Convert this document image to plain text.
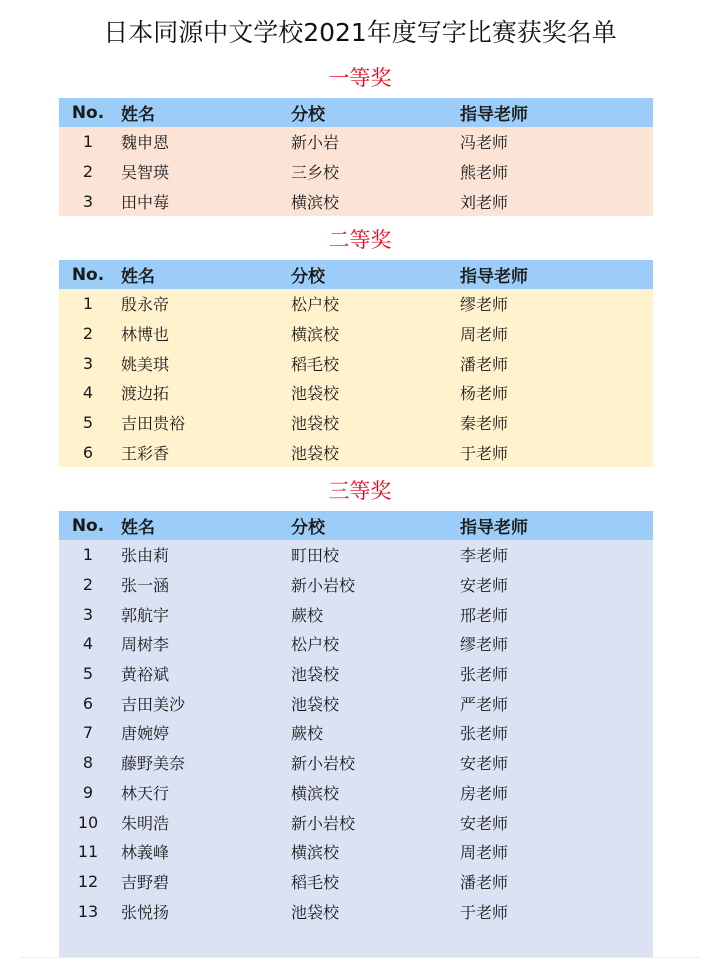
日本同源中文学校2021年度写字比赛获奖名单
一等奖
No. 姓名	分校	指导老师
1	魏申恩	新小岩	冯老师
2	吴智瑛	三乡校	熊老师
3	田中莓	横滨校	刘老师
二等奖
No. 姓名	分校	指导老师
1	殷永帝	松户校	缪老师
2	林博也	横滨校	周老师
3	姚美琪	稻毛校	潘老师
4	渡边拓	池袋校	杨老师
5	吉田贵裕	池袋校	秦老师
6	王彩香	池袋校	于老师
三等奖
No. 姓名	分校	指导老师
1	张由莉	町田校	李老师
2	张一涵	新小岩校	安老师
3	郭航宇	蕨校	邢老师
4	周树李	松户校	缪老师
5	黄裕斌	池袋校	张老师
6	吉田美沙	池袋校	严老师
7	唐婉婷	蕨校	张老师
8	藤野美奈	新小岩校	安老师
9	林天行	横滨校	房老师
10	朱明浩	新小岩校	安老师
11	林義峰	横滨校	周老师
12	吉野碧	稻毛校	潘老师
13	张悦扬	池袋校	于老师
